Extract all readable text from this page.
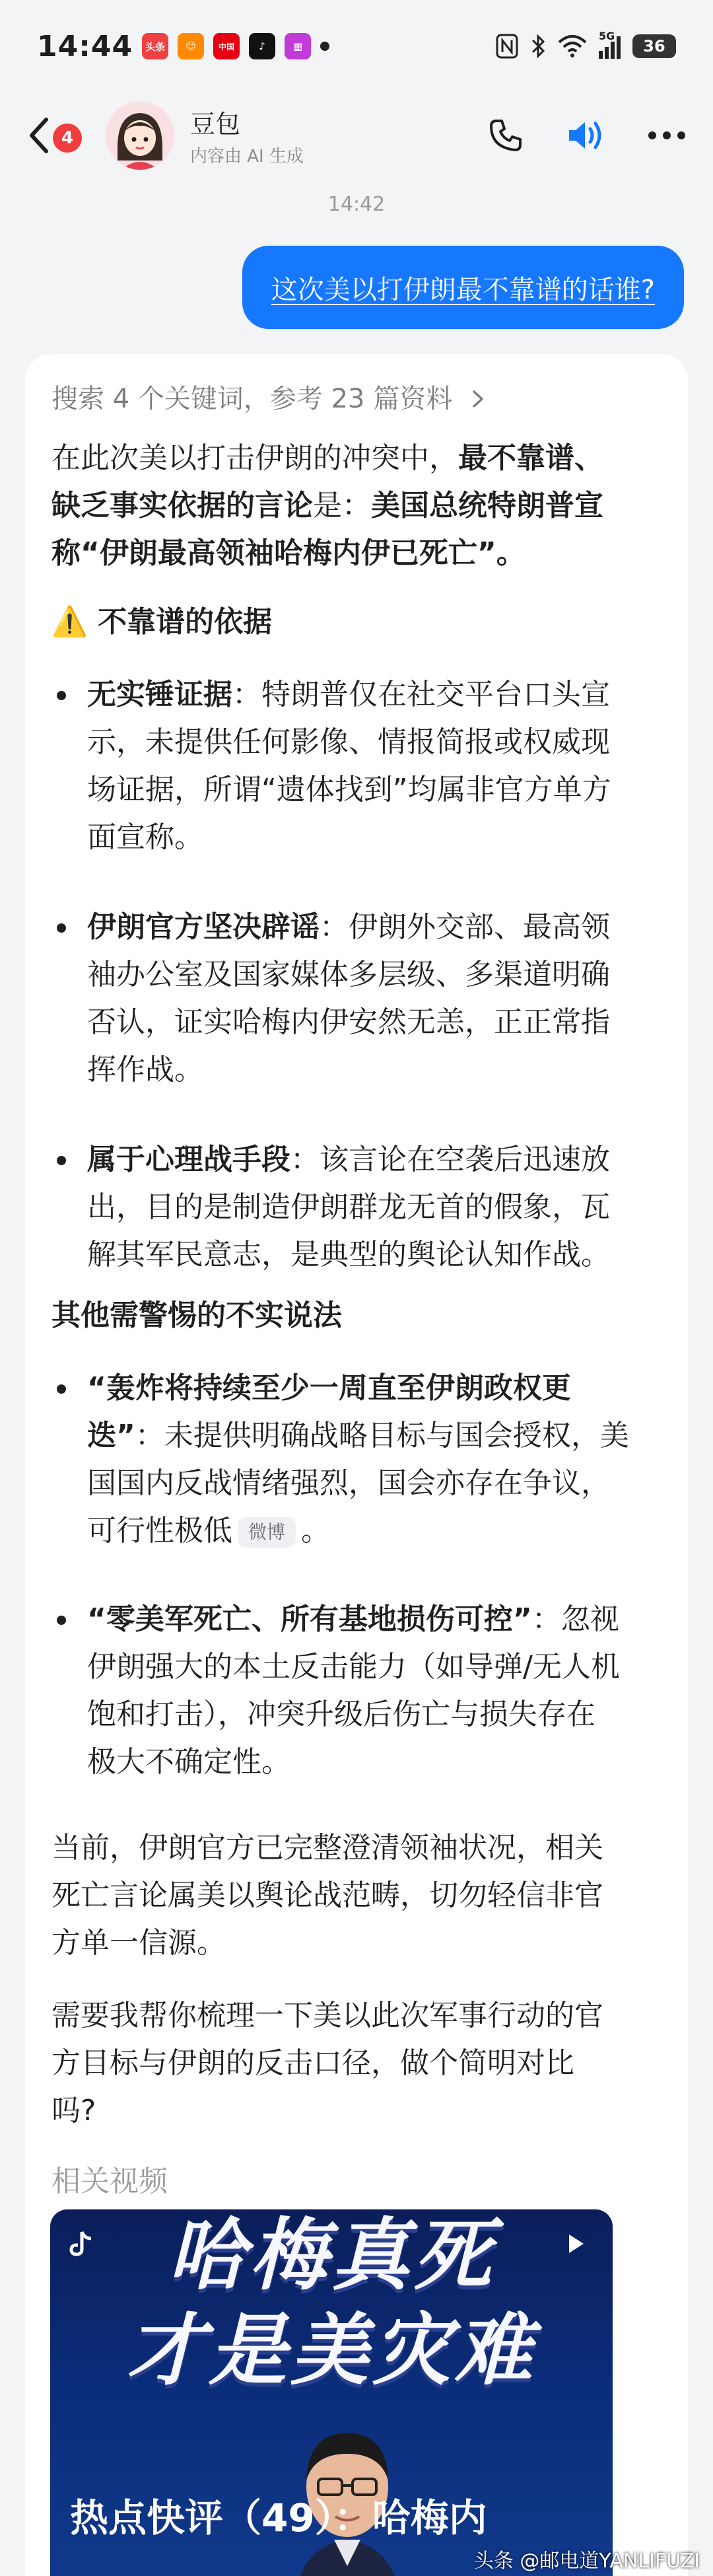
14:44	头条	☺	中国	♪	▦
5G
36
4	豆包
内容由 AI 生成
14:42
这次美以打伊朗最不靠谱的话谁?
搜索 4 个关键词，参考 23 篇资料
在此次美以打击伊朗的冲突中，最不靠谱、
缺乏事实依据的言论是：美国总统特朗普宣
称“伊朗最高领袖哈梅内伊已死亡”。
⚠️ 不靠谱的依据
无实锤证据：特朗普仅在社交平台口头宣
示，未提供任何影像、情报简报或权威现
场证据，所谓“遗体找到”均属非官方单方
面宣称。
伊朗官方坚决辟谣：伊朗外交部、最高领
袖办公室及国家媒体多层级、多渠道明确
否认，证实哈梅内伊安然无恙，正正常指
挥作战。
属于心理战手段：该言论在空袭后迅速放
出，目的是制造伊朗群龙无首的假象，瓦
解其军民意志，是典型的舆论认知作战。
其他需警惕的不实说法
“轰炸将持续至少一周直至伊朗政权更
迭”：未提供明确战略目标与国会授权，美
国国内反战情绪强烈，国会亦存在争议，
可行性极低 微博 。
“零美军死亡、所有基地损伤可控”：忽视
伊朗强大的本土反击能力（如导弹/无人机
饱和打击），冲突升级后伤亡与损失存在
极大不确定性。
当前，伊朗官方已完整澄清领袖状况，相关
死亡言论属美以舆论战范畴，切勿轻信非官
方单一信源。
需要我帮你梳理一下美以此次军事行动的官
方目标与伊朗的反击口径，做个简明对比
吗?
相关视频
哈梅真死
才是美灾难
热点快评（49）：哈梅内
头条 @邮电道YANLIFUZI
